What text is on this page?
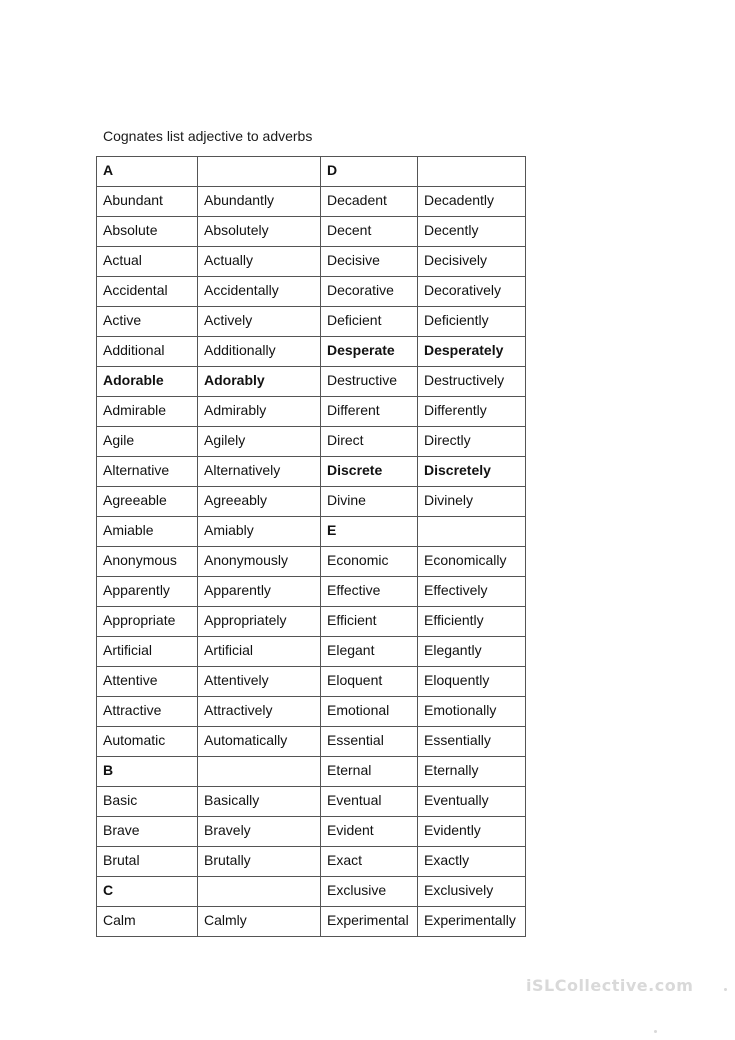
Cognates list adjective to adverbs
A		D	
Abundant	Abundantly	Decadent	Decadently
Absolute	Absolutely	Decent	Decently
Actual	Actually	Decisive	Decisively
Accidental	Accidentally	Decorative	Decoratively
Active	Actively	Deficient	Deficiently
Additional	Additionally	Desperate	Desperately
Adorable	Adorably	Destructive	Destructively
Admirable	Admirably	Different	Differently
Agile	Agilely	Direct	Directly
Alternative	Alternatively	Discrete	Discretely
Agreeable	Agreeably	Divine	Divinely
Amiable	Amiably	E	
Anonymous	Anonymously	Economic	Economically
Apparently	Apparently	Effective	Effectively
Appropriate	Appropriately	Efficient	Efficiently
Artificial	Artificial	Elegant	Elegantly
Attentive	Attentively	Eloquent	Eloquently
Attractive	Attractively	Emotional	Emotionally
Automatic	Automatically	Essential	Essentially
B		Eternal	Eternally
Basic	Basically	Eventual	Eventually
Brave	Bravely	Evident	Evidently
Brutal	Brutally	Exact	Exactly
C		Exclusive	Exclusively
Calm	Calmly	Experimental	Experimentally
iSLCollective.com
